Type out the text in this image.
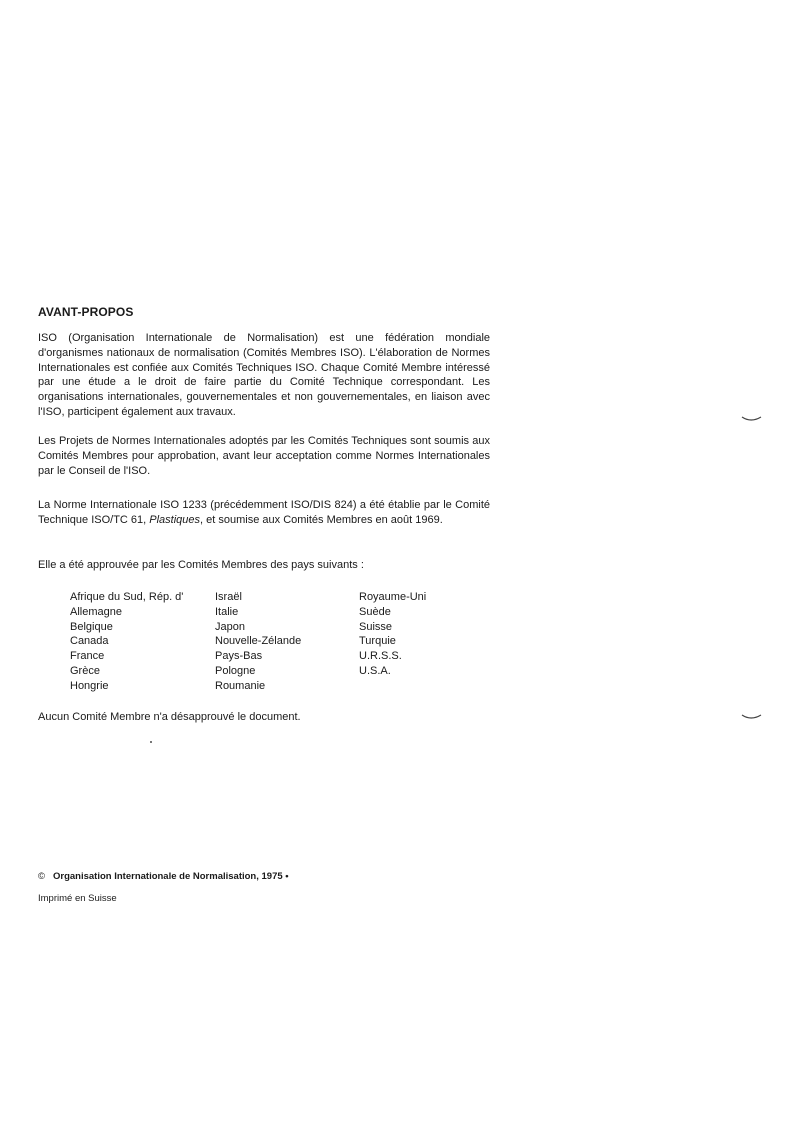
AVANT-PROPOS
ISO (Organisation Internationale de Normalisation) est une fédération mondiale d'organismes nationaux de normalisation (Comités Membres ISO). L'élaboration de Normes Internationales est confiée aux Comités Techniques ISO. Chaque Comité Membre intéressé par une étude a le droit de faire partie du Comité Technique correspondant. Les organisations internationales, gouvernementales et non gouvernementales, en liaison avec l'ISO, participent également aux travaux.
Les Projets de Normes Internationales adoptés par les Comités Techniques sont soumis aux Comités Membres pour approbation, avant leur acceptation comme Normes Internationales par le Conseil de l'ISO.
La Norme Internationale ISO 1233 (précédemment ISO/DIS 824) a été établie par le Comité Technique ISO/TC 61, Plastiques, et soumise aux Comités Membres en août 1969.
Elle a été approuvée par les Comités Membres des pays suivants :
Afrique du Sud, Rép. d'
Allemagne
Belgique
Canada
France
Grèce
Hongrie
Israël
Italie
Japon
Nouvelle-Zélande
Pays-Bas
Pologne
Roumanie
Royaume-Uni
Suède
Suisse
Turquie
U.R.S.S.
U.S.A.
Aucun Comité Membre n'a désapprouvé le document.
© Organisation Internationale de Normalisation, 1975 •
Imprimé en Suisse
